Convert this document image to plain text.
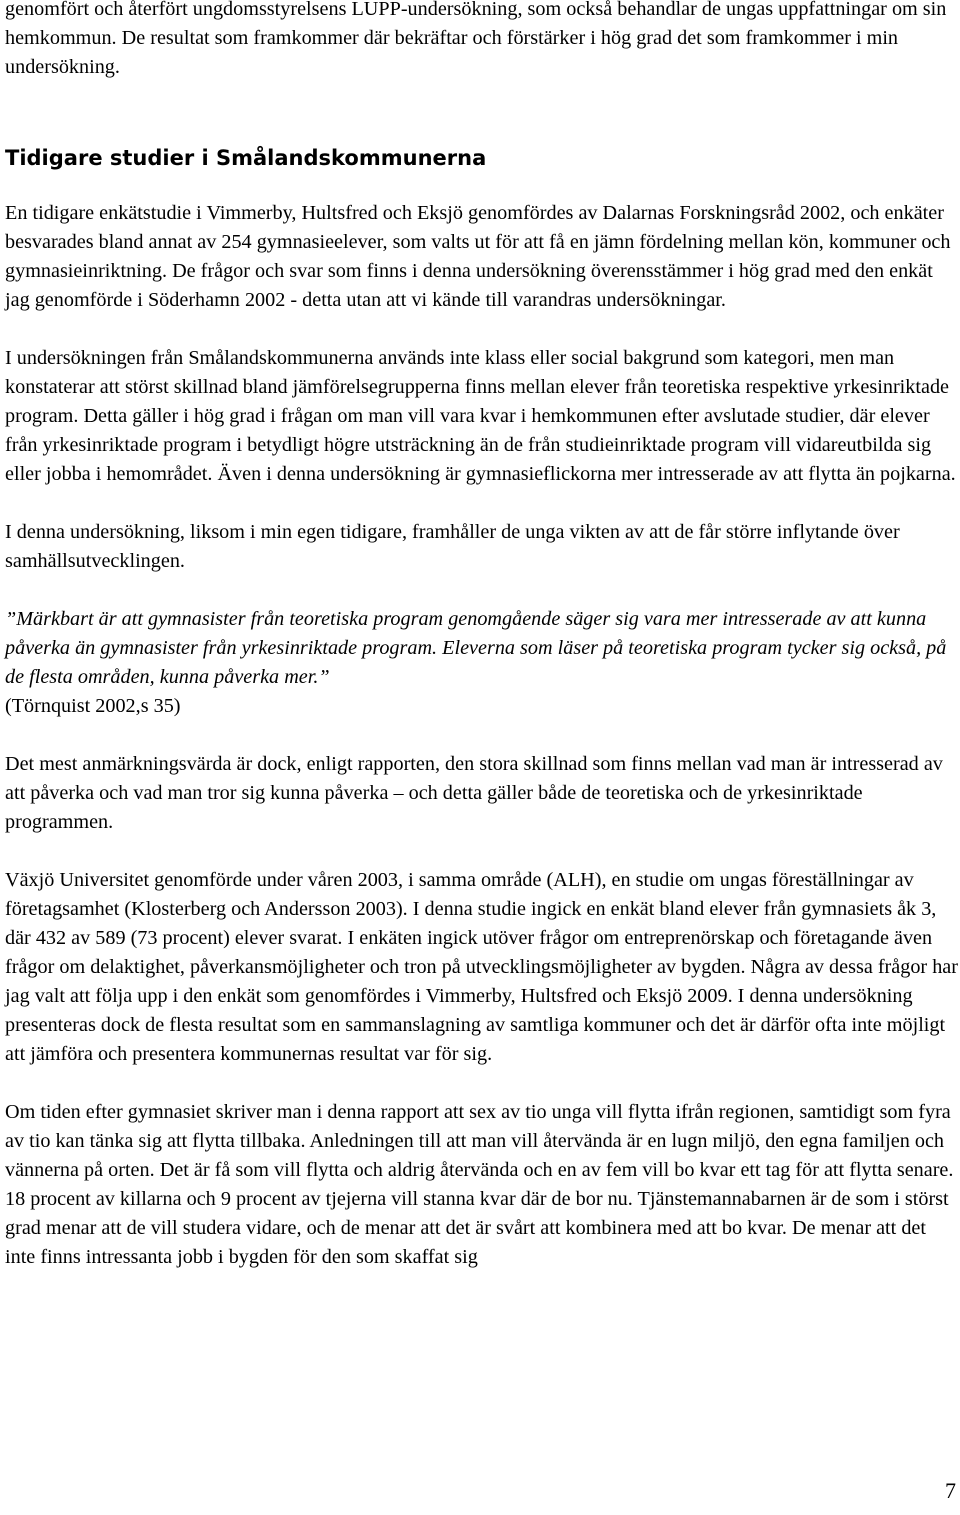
genomfört och återfört ungdomsstyrelsens LUPP-undersökning, som också behandlar de ungas uppfattningar om sin hemkommun. De resultat som framkommer där bekräftar och förstärker i hög grad det som framkommer i min undersökning.

Tidigare studier i Smålandskommunerna

En tidigare enkätstudie i Vimmerby, Hultsfred och Eksjö genomfördes av Dalarnas Forskningsråd 2002, och enkäter besvarades bland annat av 254 gymnasieelever, som valts ut för att få en jämn fördelning mellan kön, kommuner och gymnasieinriktning. De frågor och svar som finns i denna undersökning överensstämmer i hög grad med den enkät jag genomförde i Söderhamn 2002 - detta utan att vi kände till varandras undersökningar.

I undersökningen från Smålandskommunerna används inte klass eller social bakgrund som kategori, men man konstaterar att störst skillnad bland jämförelsegrupperna finns mellan elever från teoretiska respektive yrkesinriktade program. Detta gäller i hög grad i frågan om man vill vara kvar i hemkommunen efter avslutade studier, där elever från yrkesinriktade program i betydligt högre utsträckning än de från studieinriktade program vill vidareutbilda sig eller jobba i hemområdet. Även i denna undersökning är gymnasieflickorna mer intresserade av att flytta än pojkarna.

I denna undersökning, liksom i min egen tidigare, framhåller de unga vikten av att de får större inflytande över samhällsutvecklingen.

”Märkbart är att gymnasister från teoretiska program genomgående säger sig vara mer intresserade av att kunna påverka än gymnasister från yrkesinriktade program. Eleverna som läser på teoretiska program tycker sig också, på de flesta områden, kunna påverka mer.”

(Törnquist 2002,s 35)

Det mest anmärkningsvärda är dock, enligt rapporten, den stora skillnad som finns mellan vad man är intresserad av att påverka och vad man tror sig kunna påverka – och detta gäller både de teoretiska och de yrkesinriktade programmen.

Växjö Universitet genomförde under våren 2003, i samma område (ALH), en studie om ungas föreställningar av företagsamhet (Klosterberg och Andersson 2003). I denna studie ingick en enkät bland elever från gymnasiets åk 3, där 432 av 589 (73 procent) elever svarat. I enkäten ingick utöver frågor om entreprenörskap och företagande även frågor om delaktighet, påverkansmöjligheter och tron på utvecklingsmöjligheter av bygden. Några av dessa frågor har jag valt att följa upp i den enkät som genomfördes i Vimmerby, Hultsfred och Eksjö 2009. I denna undersökning presenteras dock de flesta resultat som en sammanslagning av samtliga kommuner och det är därför ofta inte möjligt att jämföra och presentera kommunernas resultat var för sig.

Om tiden efter gymnasiet skriver man i denna rapport att sex av tio unga vill flytta ifrån regionen, samtidigt som fyra av tio kan tänka sig att flytta tillbaka. Anledningen till att man vill återvända är en lugn miljö, den egna familjen och vännerna på orten. Det är få som vill flytta och aldrig återvända och en av fem vill bo kvar ett tag för att flytta senare. 18 procent av killarna och 9 procent av tjejerna vill stanna kvar där de bor nu. Tjänstemannabarnen är de som i störst grad menar att de vill studera vidare, och de menar att det är svårt att kombinera med att bo kvar. De menar att det inte finns intressanta jobb i bygden för den som skaffat sig

7
